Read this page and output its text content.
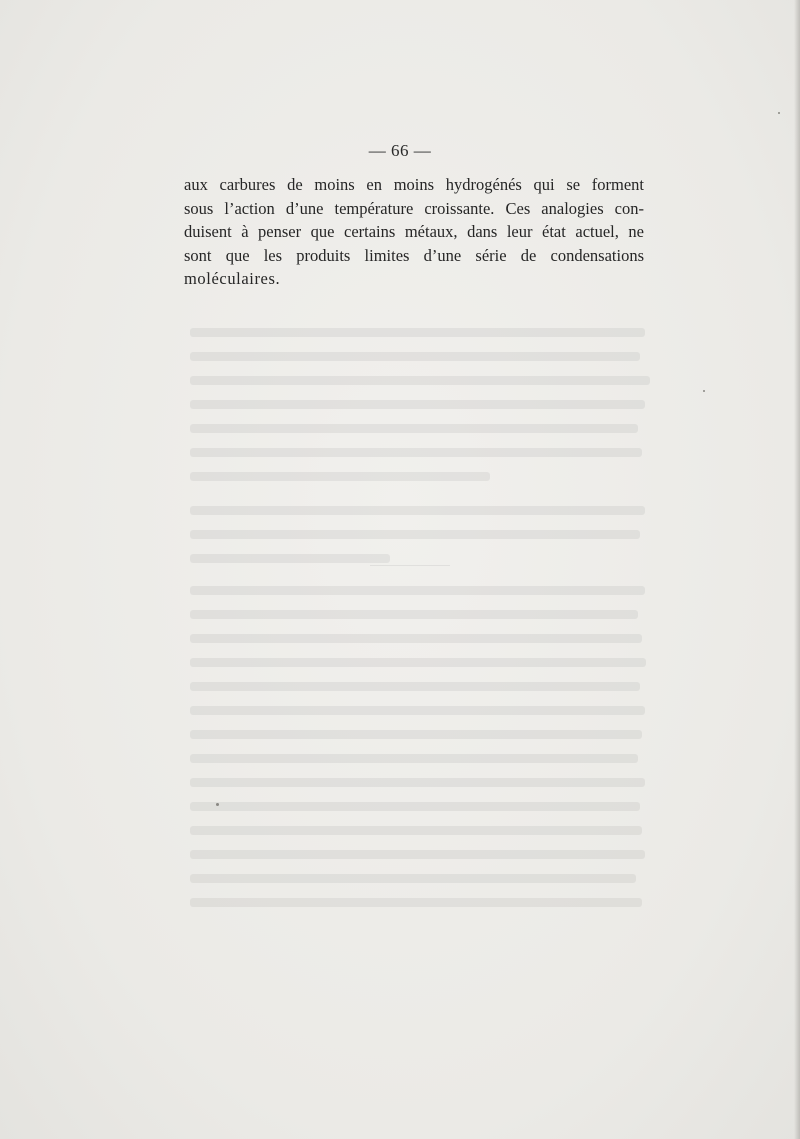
— 66 —
aux carbures de moins en moins hydrogénés qui se forment
sous l’action d’une température croissante. Ces analogies con-
duisent à penser que certains métaux, dans leur état actuel, ne
sont que les produits limites d’une série de condensations
moléculaires.
